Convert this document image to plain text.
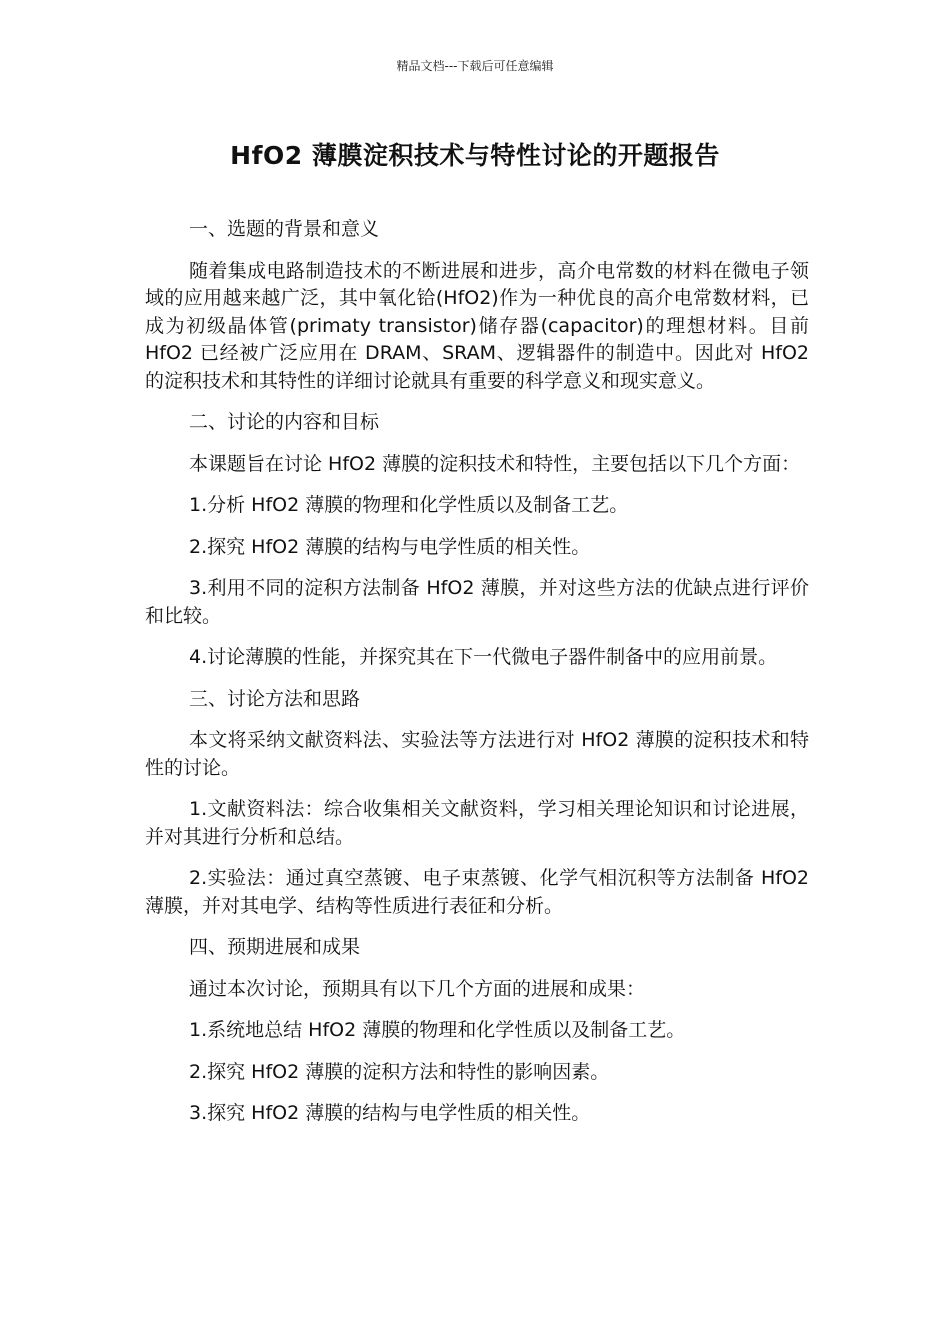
精品文档---下载后可任意编辑
HfO2 薄膜淀积技术与特性讨论的开题报告

一、选题的背景和意义

随着集成电路制造技术的不断进展和进步，高介电常数的材料在微电子领域的应用越来越广泛，其中氧化铪(HfO2)作为一种优良的高介电常数材料，已成为初级晶体管(primaty transistor)储存器(capacitor)的理想材料。目前 HfO2 已经被广泛应用在 DRAM、SRAM、逻辑器件的制造中。因此对 HfO2 的淀积技术和其特性的详细讨论就具有重要的科学意义和现实意义。

二、讨论的内容和目标

本课题旨在讨论 HfO2 薄膜的淀积技术和特性，主要包括以下几个方面：

1.分析 HfO2 薄膜的物理和化学性质以及制备工艺。

2.探究 HfO2 薄膜的结构与电学性质的相关性。

3.利用不同的淀积方法制备 HfO2 薄膜，并对这些方法的优缺点进行评价和比较。

4.讨论薄膜的性能，并探究其在下一代微电子器件制备中的应用前景。

三、讨论方法和思路

本文将采纳文献资料法、实验法等方法进行对 HfO2 薄膜的淀积技术和特性的讨论。

1.文献资料法：综合收集相关文献资料，学习相关理论知识和讨论进展，并对其进行分析和总结。

2.实验法：通过真空蒸镀、电子束蒸镀、化学气相沉积等方法制备 HfO2 薄膜，并对其电学、结构等性质进行表征和分析。

四、预期进展和成果

通过本次讨论，预期具有以下几个方面的进展和成果：

1.系统地总结 HfO2 薄膜的物理和化学性质以及制备工艺。

2.探究 HfO2 薄膜的淀积方法和特性的影响因素。

3.探究 HfO2 薄膜的结构与电学性质的相关性。
